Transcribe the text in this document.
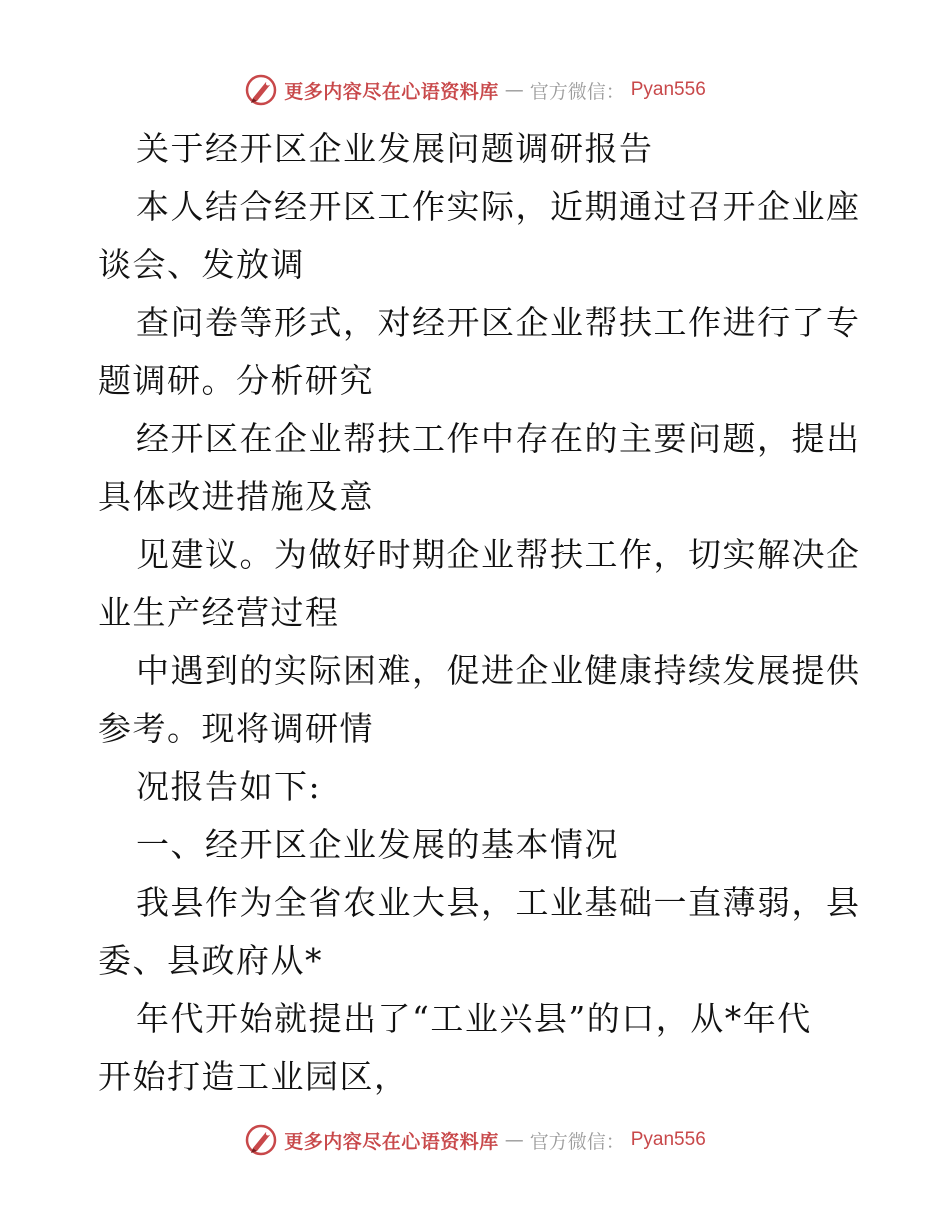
更多内容尽在心语资料库 — 官方微信： Pyan556
关于经开区企业发展问题调研报告
本人结合经开区工作实际，近期通过召开企业座
谈会、发放调
查问卷等形式，对经开区企业帮扶工作进行了专
题调研。分析研究
经开区在企业帮扶工作中存在的主要问题，提出
具体改进措施及意
见建议。为做好时期企业帮扶工作，切实解决企
业生产经营过程
中遇到的实际困难，促进企业健康持续发展提供
参考。现将调研情
况报告如下:
一、经开区企业发展的基本情况
我县作为全省农业大县，工业基础一直薄弱，县
委、县政府从*
年代开始就提出了“工业兴县”的口，从*年代
开始打造工业园区，
更多内容尽在心语资料库 — 官方微信： Pyan556
